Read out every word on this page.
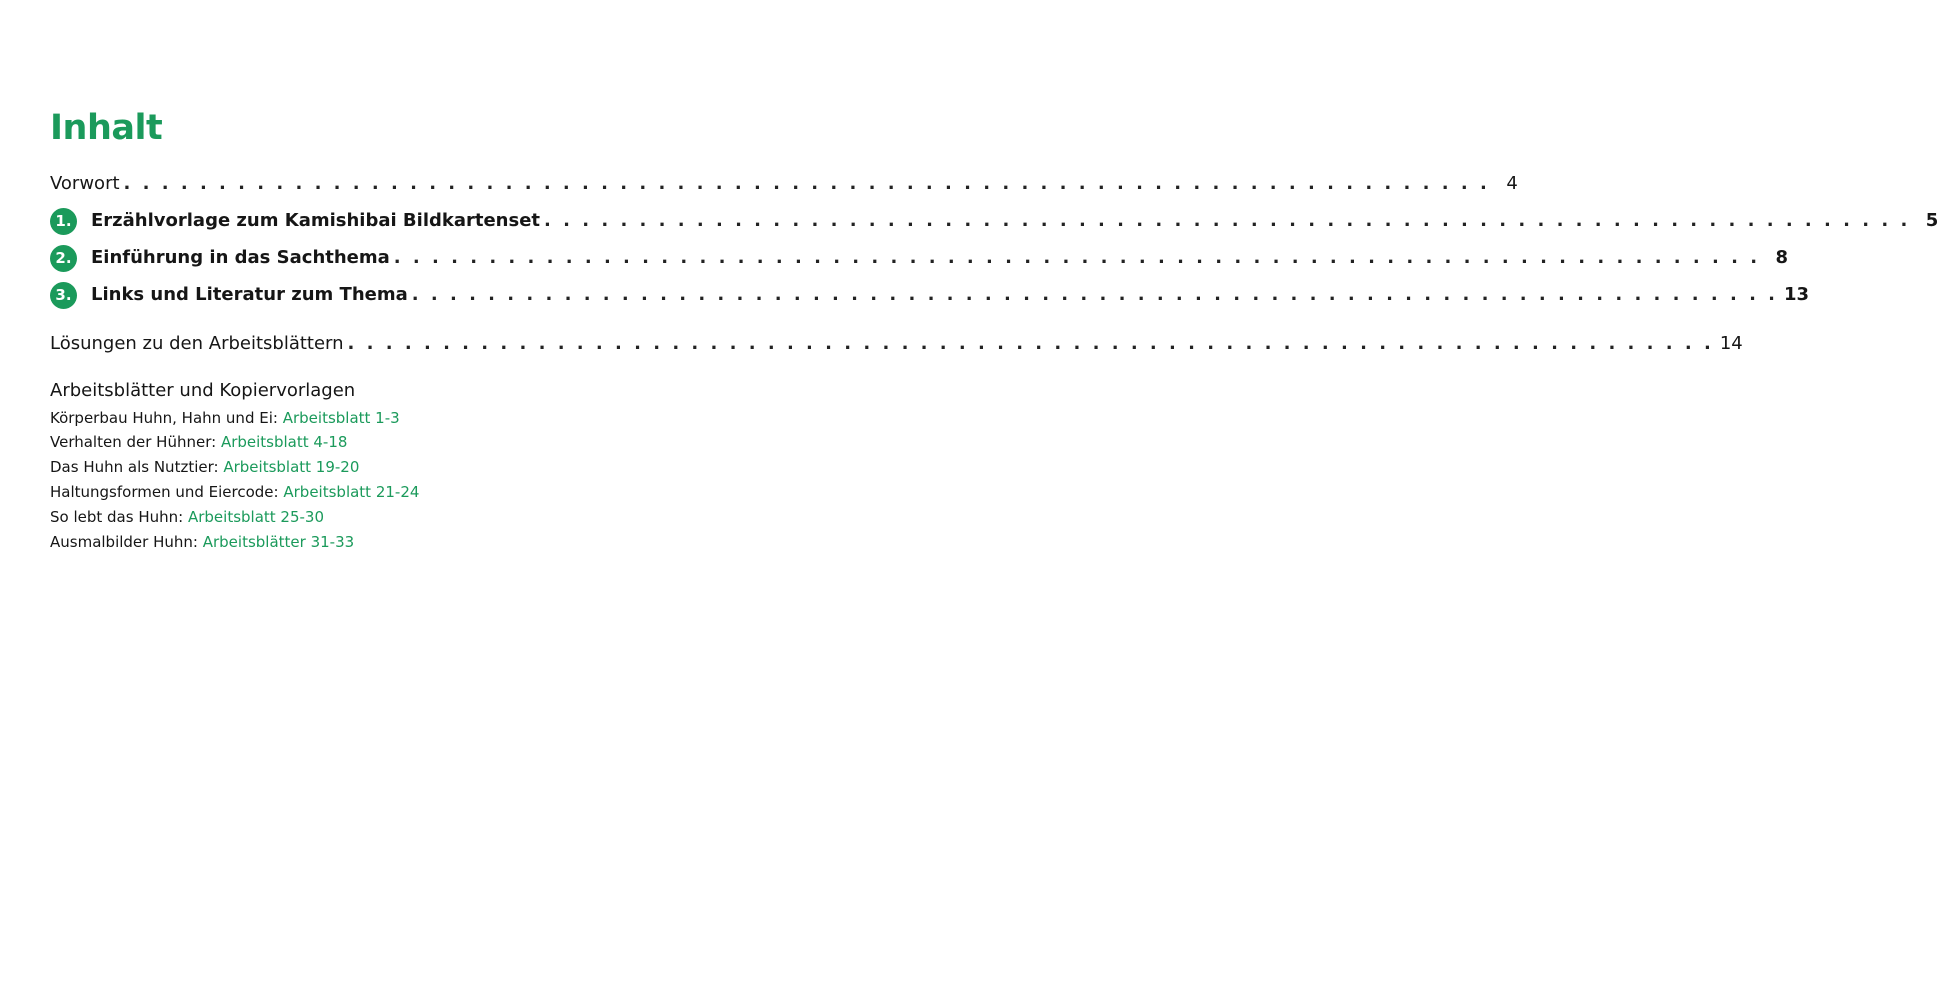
Inhalt
Vorwort . . . . . . . . . . . . . . . . . . . . . . . . . . . . . . . . . . . . . . . . . . . . . . . . . . . . . . . . . . . . . . . . . . . . . . . . 4
1.	Erzählvorlage zum Kamishibai Bildkartenset . . . . . . . . . . . . . . . . . . . . . . . . . . . . . . . . . . . . . . . . . . . . . . . . . . . . . . . . . . . . . . . . . . . . . . . . 5
2.	Einführung in das Sachthema . . . . . . . . . . . . . . . . . . . . . . . . . . . . . . . . . . . . . . . . . . . . . . . . . . . . . . . . . . . . . . . . . . . . . . . . 8
3.	Links und Literatur zum Thema . . . . . . . . . . . . . . . . . . . . . . . . . . . . . . . . . . . . . . . . . . . . . . . . . . . . . . . . . . . . . . . . . . . . . . . . 13
Lösungen zu den Arbeitsblättern . . . . . . . . . . . . . . . . . . . . . . . . . . . . . . . . . . . . . . . . . . . . . . . . . . . . . . . . . . . . . . . . . . . . . . . . 14
Arbeitsblätter und Kopiervorlagen
Körperbau Huhn, Hahn und Ei: Arbeitsblatt 1-3
Verhalten der Hühner: Arbeitsblatt 4-18
Das Huhn als Nutztier: Arbeitsblatt 19-20
Haltungsformen und Eiercode: Arbeitsblatt 21-24
So lebt das Huhn: Arbeitsblatt 25-30
Ausmalbilder Huhn: Arbeitsblätter 31-33
